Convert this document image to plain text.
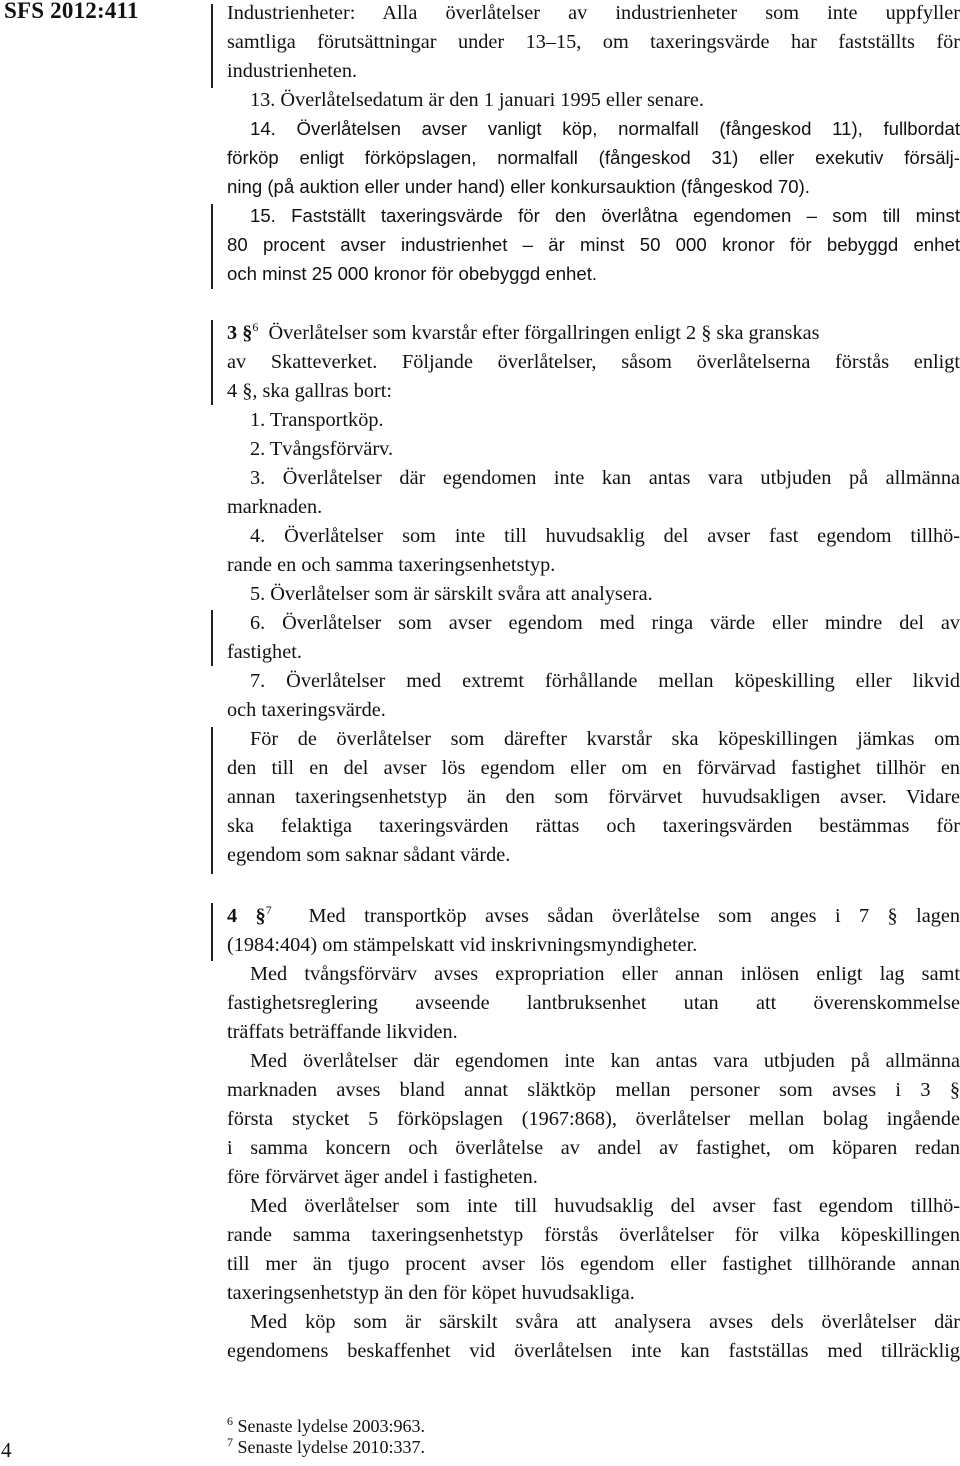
SFS 2012:411
4
Industrienheter: Alla överlåtelser av industrienheter som inte uppfyller
samtliga förutsättningar under 13–15, om taxeringsvärde har fastställts för
industrienheten.
13. Överlåtelsedatum är den 1 januari 1995 eller senare.
14. Överlåtelsen avser vanligt köp, normalfall (fångeskod 11), fullbordat
förköp enligt förköpslagen, normalfall (fångeskod 31) eller exekutiv försälj-
ning (på auktion eller under hand) eller konkursauktion (fångeskod 70).
15. Fastställt taxeringsvärde för den överlåtna egendomen – som till minst
80 procent avser industrienhet – är minst 50 000 kronor för bebyggd enhet
och minst 25 000 kronor för obebyggd enhet.
3 §$^6$  Överlåtelser som kvarstår efter förgallringen enligt 2 § ska granskas
av Skatteverket. Följande överlåtelser, såsom överlåtelserna förstås enligt
4 §, ska gallras bort:
1. Transportköp.
2. Tvångsförvärv.
3. Överlåtelser där egendomen inte kan antas vara utbjuden på allmänna
marknaden.
4. Överlåtelser som inte till huvudsaklig del avser fast egendom tillhö-
rande en och samma taxeringsenhetstyp.
5. Överlåtelser som är särskilt svåra att analysera.
6. Överlåtelser som avser egendom med ringa värde eller mindre del av
fastighet.
7. Överlåtelser med extremt förhållande mellan köpeskilling eller likvid
och taxeringsvärde.
För de överlåtelser som därefter kvarstår ska köpeskillingen jämkas om
den till en del avser lös egendom eller om en förvärvad fastighet tillhör en
annan taxeringsenhetstyp än den som förvärvet huvudsakligen avser. Vidare
ska felaktiga taxeringsvärden rättas och taxeringsvärden bestämmas för
egendom som saknar sådant värde.
4 §$^7$  Med transportköp avses sådan överlåtelse som anges i 7 § lagen
(1984:404) om stämpelskatt vid inskrivningsmyndigheter.
Med tvångsförvärv avses expropriation eller annan inlösen enligt lag samt
fastighetsreglering avseende lantbruksenhet utan att överenskommelse
träffats beträffande likviden.
Med överlåtelser där egendomen inte kan antas vara utbjuden på allmänna
marknaden avses bland annat släktköp mellan personer som avses i 3 §
första stycket 5 förköpslagen (1967:868), överlåtelser mellan bolag ingående
i samma koncern och överlåtelse av andel av fastighet, om köparen redan
före förvärvet äger andel i fastigheten.
Med överlåtelser som inte till huvudsaklig del avser fast egendom tillhö-
rande samma taxeringsenhetstyp förstås överlåtelser för vilka köpeskillingen
till mer än tjugo procent avser lös egendom eller fastighet tillhörande annan
taxeringsenhetstyp än den för köpet huvudsakliga.
Med köp som är särskilt svåra att analysera avses dels överlåtelser där
egendomens beskaffenhet vid överlåtelsen inte kan fastställas med tillräcklig
$^6$ Senaste lydelse 2003:963.
$^7$ Senaste lydelse 2010:337.
